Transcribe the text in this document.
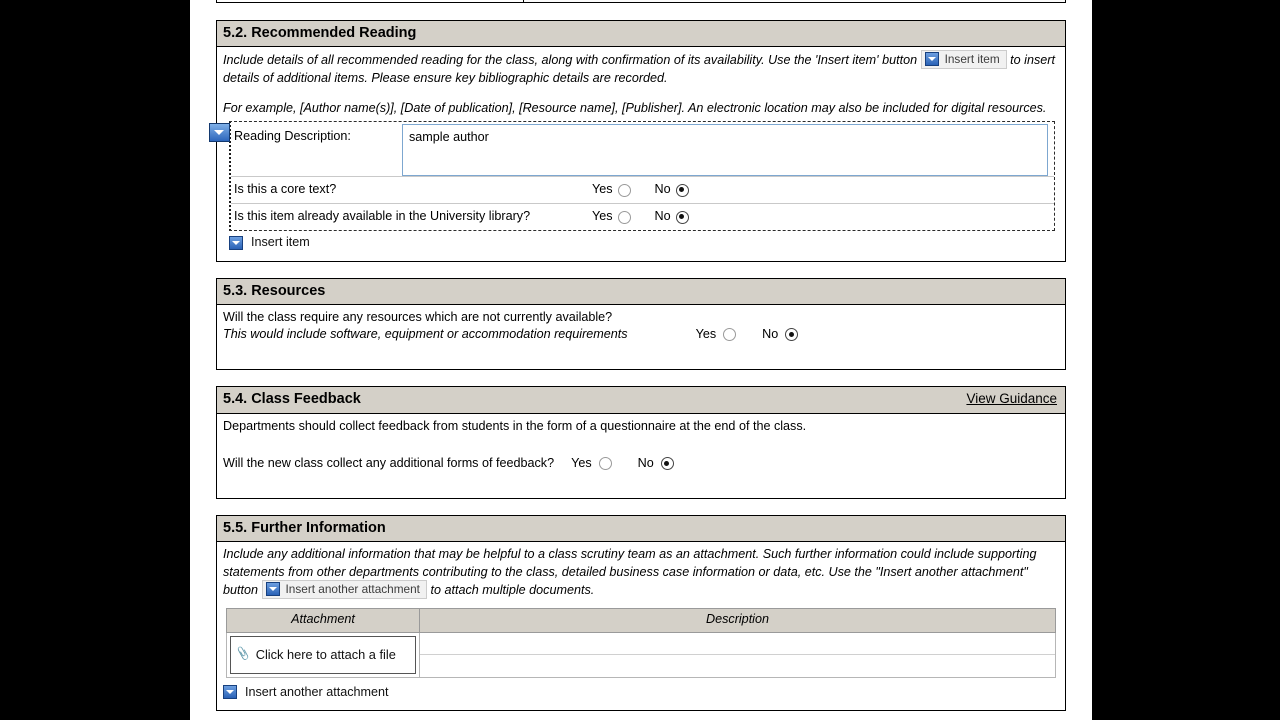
5.2. Recommended Reading
Include details of all recommended reading for the class, along with confirmation of its availability. Use the 'Insert item' button Insert item to insert details of additional items. Please ensure key bibliographic details are recorded.
For example, [Author name(s)], [Date of publication], [Resource name], [Publisher]. An electronic location may also be included for digital resources.
Reading Description:	sample author
Is this a core text?	Yes	No
Is this item already available in the University library?	Yes	No
Insert item
5.3. Resources
Will the class require any resources which are not currently available?
This would include software, equipment or accommodation requirements	Yes	No
5.4. Class Feedback	View Guidance
Departments should collect feedback from students in the form of a questionnaire at the end of the class.
Will the new class collect any additional forms of feedback? Yes	No
5.5. Further Information
Include any additional information that may be helpful to a class scrutiny team as an attachment. Such further information could include supporting statements from other departments contributing to the class, detailed business case information or data, etc. Use the "Insert another attachment" button Insert another attachment to attach multiple documents.
Attachment	Description

📎 Click here to attach a file	

Insert another attachment
